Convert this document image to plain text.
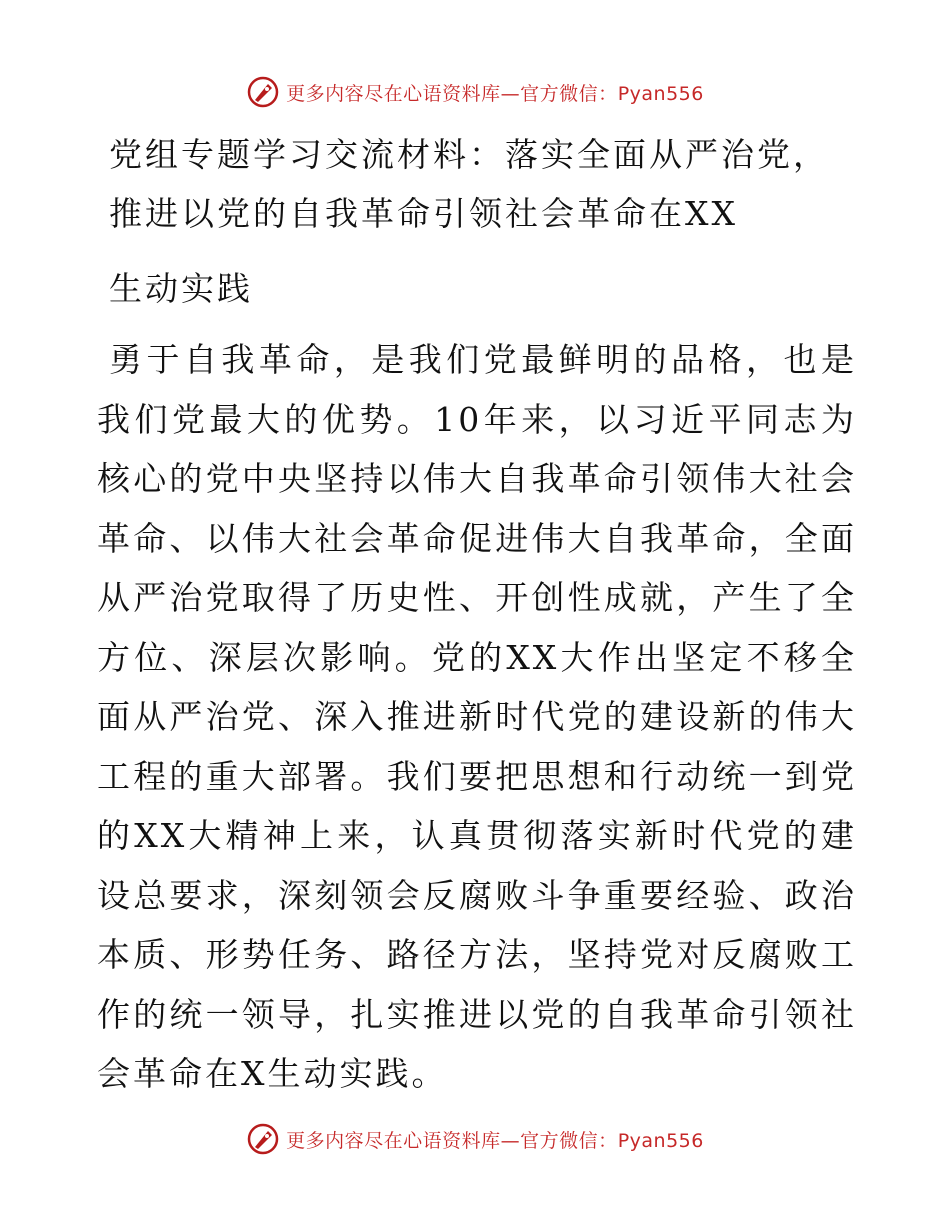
更多内容尽在心语资料库—官方微信：Pyan556
党组专题学习交流材料：落实全面从严治党，推进以党的自我革命引领社会革命在XX

生动实践

勇于自我革命，是我们党最鲜明的品格，也是我们党最大的优势。10年来，以习近平同志为核心的党中央坚持以伟大自我革命引领伟大社会革命、以伟大社会革命促进伟大自我革命，全面从严治党取得了历史性、开创性成就，产生了全方位、深层次影响。党的XX大作出坚定不移全面从严治党、深入推进新时代党的建设新的伟大工程的重大部署。我们要把思想和行动统一到党的XX大精神上来，认真贯彻落实新时代党的建设总要求，深刻领会反腐败斗争重要经验、政治本质、形势任务、路径方法，坚持党对反腐败工作的统一领导，扎实推进以党的自我革命引领社会革命在X生动实践。

更多内容尽在心语资料库—官方微信：Pyan556
